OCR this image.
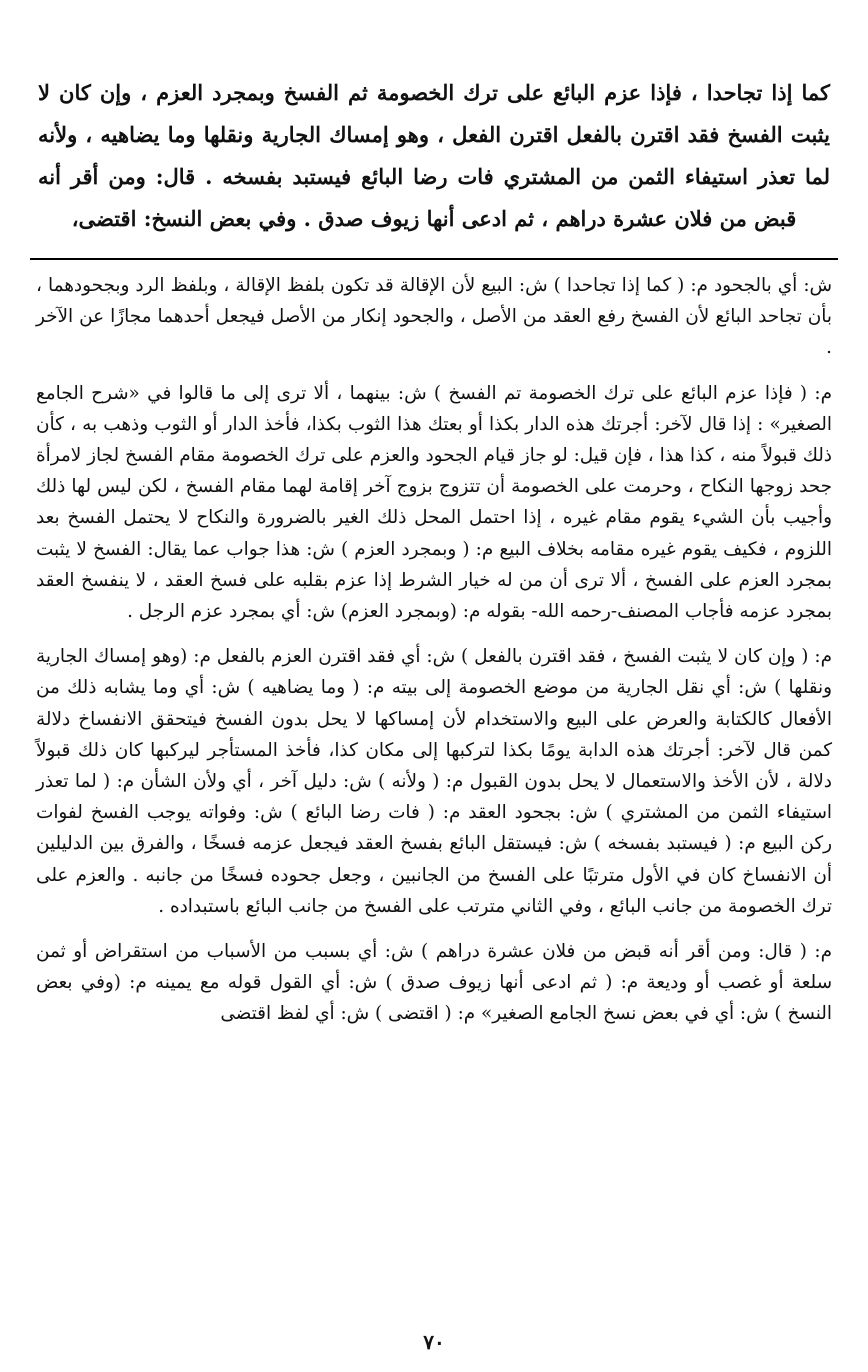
كما إذا تجاحدا ، فإذا عزم البائع على ترك الخصومة ثم الفسخ وبمجرد العزم ، وإن كان لا يثبت الفسخ فقد اقترن بالفعل اقترن الفعل ، وهو إمساك الجارية ونقلها وما يضاهيه ، ولأنه لما تعذر استيفاء الثمن من المشتري فات رضا البائع فيستبد بفسخه . قال: ومن أقر أنه قبض من فلان عشرة دراهم ، ثم ادعى أنها زيوف صدق . وفي بعض النسخ: اقتضى،

ش: أي بالجحود م: ( كما إذا تجاحدا ) ش: البيع لأن الإقالة قد تكون بلفظ الإقالة ، وبلفظ الرد وبجحودهما ، بأن تجاحد البائع لأن الفسخ رفع العقد من الأصل ، والجحود إنكار من الأصل فيجعل أحدهما مجازًا عن الآخر .

م: ( فإذا عزم البائع على ترك الخصومة تم الفسخ ) ش: بينهما ، ألا ترى إلى ما قالوا في «شرح الجامع الصغير» : إذا قال لآخر: أجرتك هذه الدار بكذا أو بعتك هذا الثوب بكذا، فأخذ الدار أو الثوب وذهب به ، كأن ذلك قبولاً منه ، كذا هذا ، فإن قيل: لو جاز قيام الجحود والعزم على ترك الخصومة مقام الفسخ لجاز لامرأة جحد زوجها النكاح ، وحرمت على الخصومة أن تتزوج بزوج آخر إقامة لهما مقام الفسخ ، لكن ليس لها ذلك وأجيب بأن الشيء يقوم مقام غيره ، إذا احتمل المحل ذلك الغير بالضرورة والنكاح لا يحتمل الفسخ بعد اللزوم ، فكيف يقوم غيره مقامه بخلاف البيع م: ( وبمجرد العزم ) ش: هذا جواب عما يقال: الفسخ لا يثبت بمجرد العزم على الفسخ ، ألا ترى أن من له خيار الشرط إذا عزم بقلبه على فسخ العقد ، لا ينفسخ العقد بمجرد عزمه فأجاب المصنف-رحمه الله- بقوله م: (وبمجرد العزم) ش: أي بمجرد عزم الرجل .

م: ( وإن كان لا يثبت الفسخ ، فقد اقترن بالفعل ) ش: أي فقد اقترن العزم بالفعل م: (وهو إمساك الجارية ونقلها ) ش: أي نقل الجارية من موضع الخصومة إلى بيته م: ( وما يضاهيه ) ش: أي وما يشابه ذلك من الأفعال كالكتابة والعرض على البيع والاستخدام لأن إمساكها لا يحل بدون الفسخ فيتحقق الانفساخ دلالة كمن قال لآخر: أجرتك هذه الدابة يومًا بكذا لتركبها إلى مكان كذا، فأخذ المستأجر ليركبها كان ذلك قبولاً دلالة ، لأن الأخذ والاستعمال لا يحل بدون القبول م: ( ولأنه ) ش: دليل آخر ، أي ولأن الشأن م: ( لما تعذر استيفاء الثمن من المشتري ) ش: بجحود العقد م: ( فات رضا البائع ) ش: وفواته يوجب الفسخ لفوات ركن البيع م: ( فيستبد بفسخه ) ش: فيستقل البائع بفسخ العقد فيجعل عزمه فسخًا ، والفرق بين الدليلين أن الانفساخ كان في الأول مترتبًا على الفسخ من الجانبين ، وجعل جحوده فسخًا من جانبه . والعزم على ترك الخصومة من جانب البائع ، وفي الثاني مترتب على الفسخ من جانب البائع باستبداده .

م: ( قال: ومن أقر أنه قبض من فلان عشرة دراهم ) ش: أي بسبب من الأسباب من استقراض أو ثمن سلعة أو غصب أو وديعة م: ( ثم ادعى أنها زيوف صدق ) ش: أي القول قوله مع يمينه م: (وفي بعض النسخ ) ش: أي في بعض نسخ الجامع الصغير» م: ( اقتضى ) ش: أي لفظ اقتضى

٧٠
